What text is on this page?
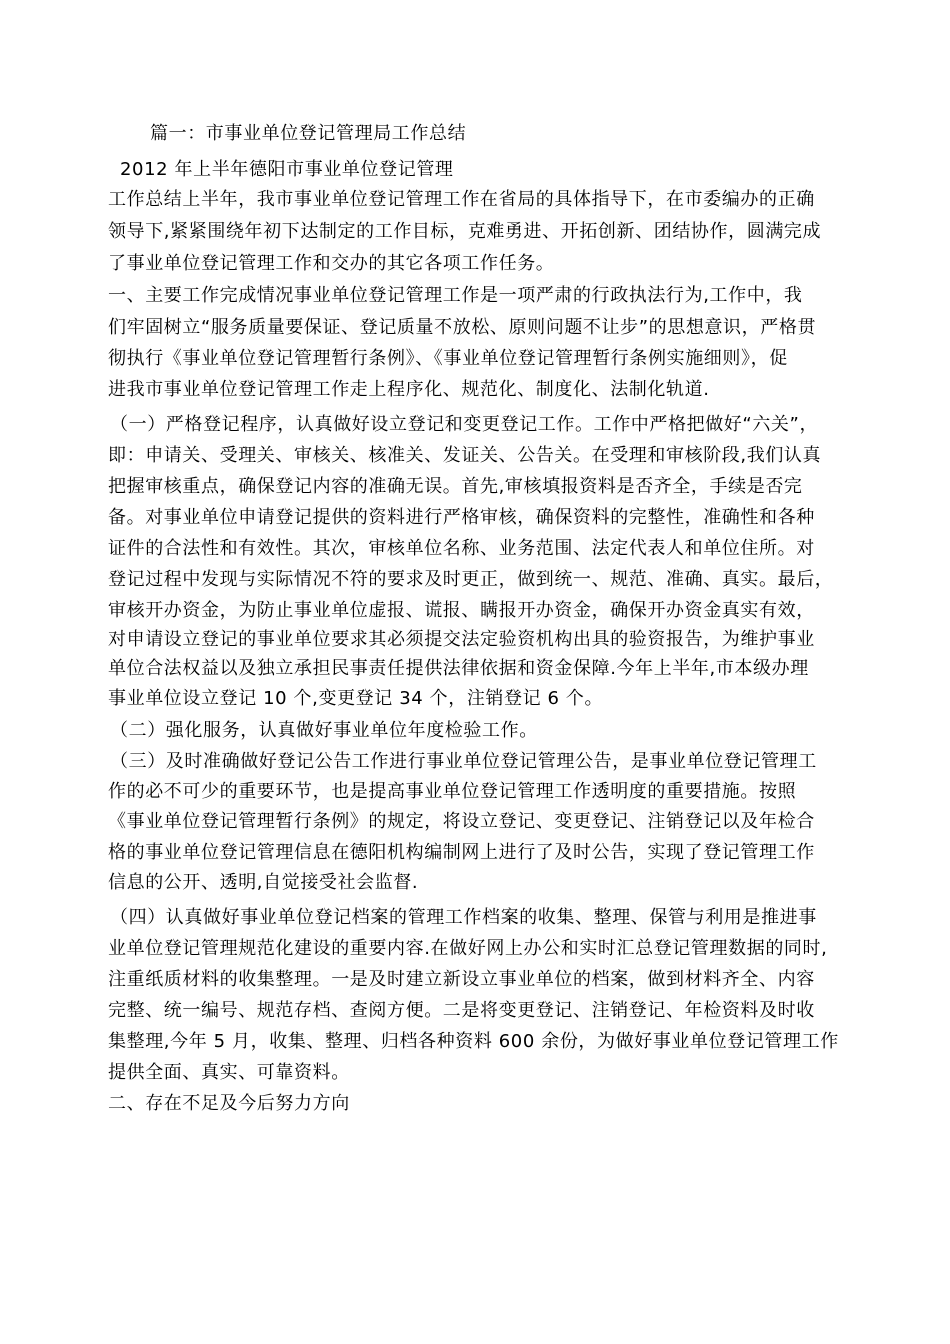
篇一：市事业单位登记管理局工作总结
2012 年上半年德阳市事业单位登记管理
工作总结上半年，我市事业单位登记管理工作在省局的具体指导下，在市委编办的正确
领导下,紧紧围绕年初下达制定的工作目标，克难勇进、开拓创新、团结协作，圆满完成
了事业单位登记管理工作和交办的其它各项工作任务。
一、主要工作完成情况事业单位登记管理工作是一项严肃的行政执法行为,工作中，我
们牢固树立“服务质量要保证、登记质量不放松、原则问题不让步”的思想意识，严格贯
彻执行《事业单位登记管理暂行条例》、《事业单位登记管理暂行条例实施细则》，促
进我市事业单位登记管理工作走上程序化、规范化、制度化、法制化轨道.
（一）严格登记程序，认真做好设立登记和变更登记工作。工作中严格把做好“六关”，
即：申请关、受理关、审核关、核准关、发证关、公告关。在受理和审核阶段,我们认真
把握审核重点，确保登记内容的准确无误。首先,审核填报资料是否齐全，手续是否完
备。对事业单位申请登记提供的资料进行严格审核，确保资料的完整性，准确性和各种
证件的合法性和有效性。其次，审核单位名称、业务范围、法定代表人和单位住所。对
登记过程中发现与实际情况不符的要求及时更正，做到统一、规范、准确、真实。最后，
审核开办资金，为防止事业单位虚报、谎报、瞒报开办资金，确保开办资金真实有效，
对申请设立登记的事业单位要求其必须提交法定验资机构出具的验资报告，为维护事业
单位合法权益以及独立承担民事责任提供法律依据和资金保障.今年上半年,市本级办理
事业单位设立登记 10 个,变更登记 34 个，注销登记 6 个。
（二）强化服务，认真做好事业单位年度检验工作。
（三）及时准确做好登记公告工作进行事业单位登记管理公告，是事业单位登记管理工
作的必不可少的重要环节，也是提高事业单位登记管理工作透明度的重要措施。按照
《事业单位登记管理暂行条例》的规定，将设立登记、变更登记、注销登记以及年检合
格的事业单位登记管理信息在德阳机构编制网上进行了及时公告，实现了登记管理工作
信息的公开、透明,自觉接受社会监督.
（四）认真做好事业单位登记档案的管理工作档案的收集、整理、保管与利用是推进事
业单位登记管理规范化建设的重要内容.在做好网上办公和实时汇总登记管理数据的同时,
注重纸质材料的收集整理。一是及时建立新设立事业单位的档案，做到材料齐全、内容
完整、统一编号、规范存档、查阅方便。二是将变更登记、注销登记、年检资料及时收
集整理,今年 5 月，收集、整理、归档各种资料 600 余份，为做好事业单位登记管理工作
提供全面、真实、可靠资料。
二、存在不足及今后努力方向
